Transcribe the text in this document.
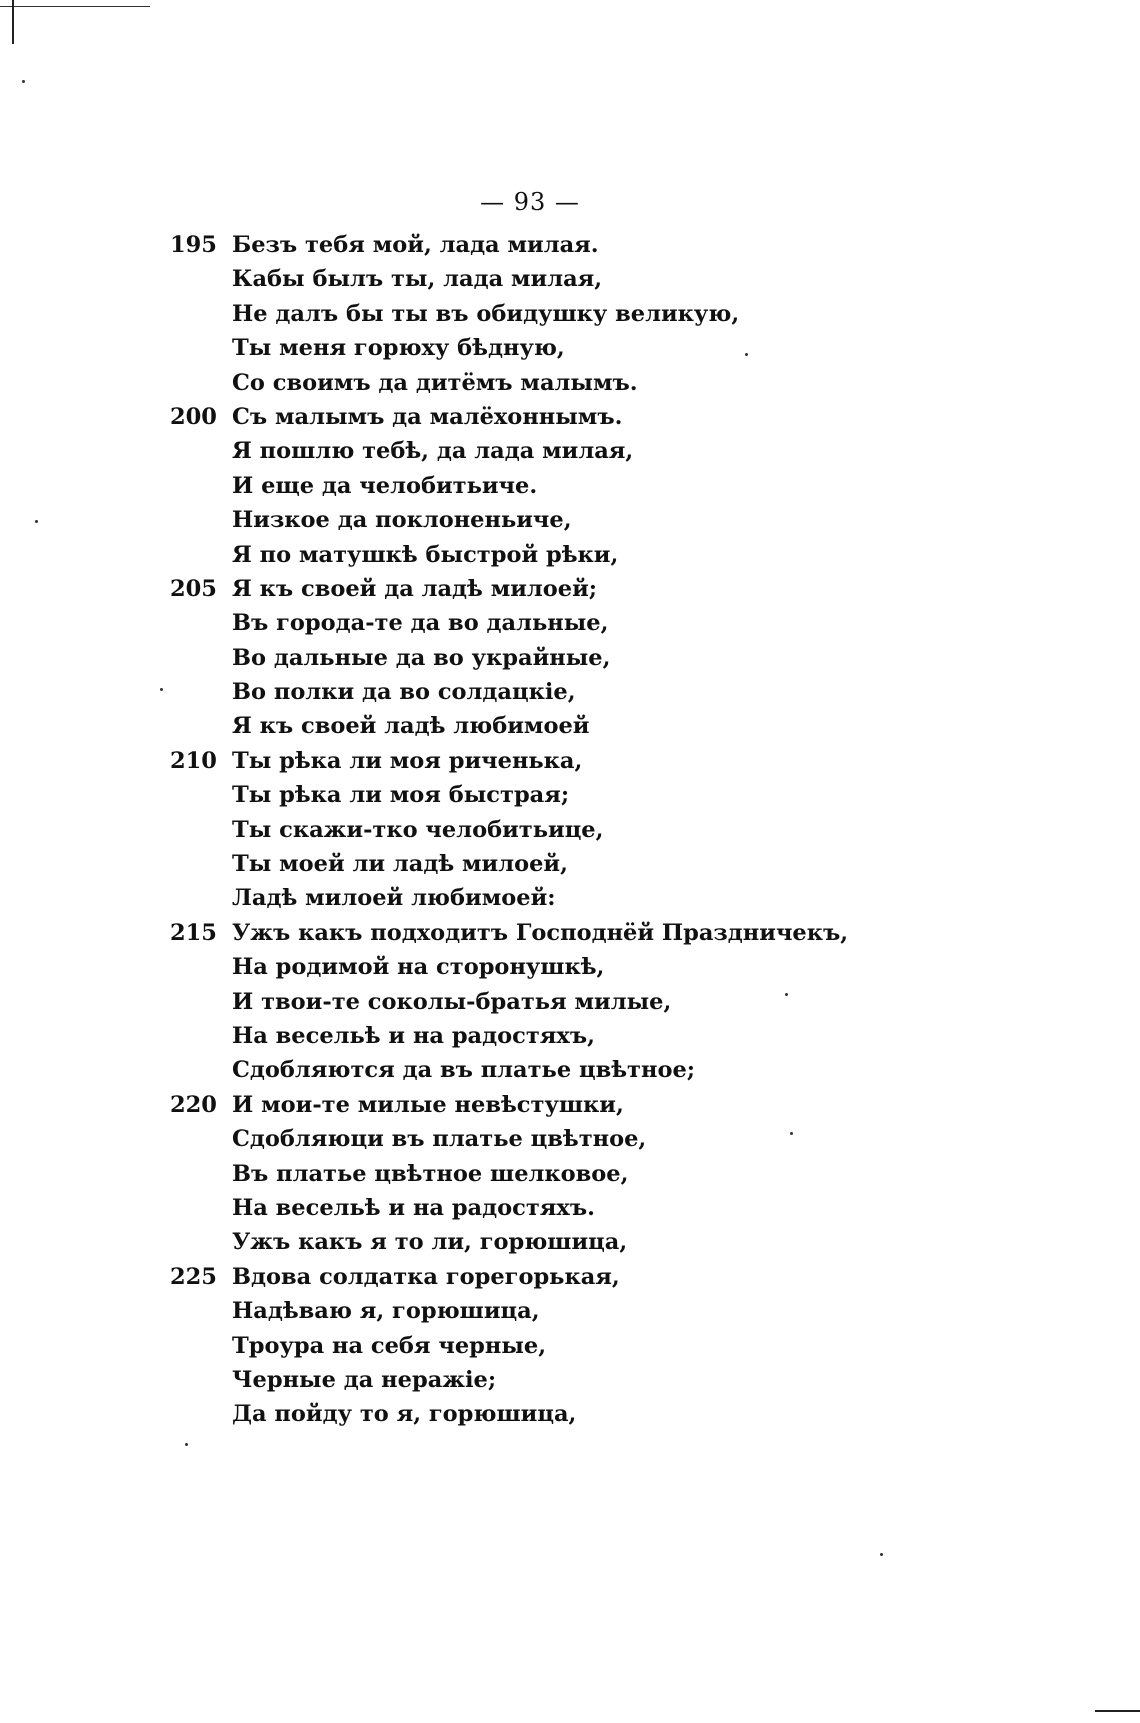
— 93 —
195 Безъ тебя мой, лада милая.
Кабы былъ ты, лада милая,
Не далъ бы ты въ обидушку великую,
Ты меня горюху бѣдную,
Со своимъ да дитёмъ малымъ.
200 Съ малымъ да малёхоннымъ.
Я пошлю тебѣ, да лада милая,
И еще да челобитьиче.
Низкое да поклоненьиче,
Я по матушкѣ быстрой рѣки,
205 Я къ своей да ладѣ милоей;
Въ города-те да во дальные,
Во дальные да во украйные,
Во полки да во солдацкіе,
Я къ своей ладѣ любимоей
210 Ты рѣка ли моя риченька,
Ты рѣка ли моя быстрая;
Ты скажи-тко челобитьице,
Ты моей ли ладѣ милоей,
Ладѣ милоей любимоей:
215 Ужъ какъ подходитъ Господнёй Праздничекъ,
На родимой на сторонушкѣ,
И твои-те соколы-братья милые,
На весельѣ и на радостяхъ,
Сдобляются да въ платье цвѣтное;
220 И мои-те милые невѣстушки,
Сдобляюци въ платье цвѣтное,
Въ платье цвѣтное шелковое,
На весельѣ и на радостяхъ.
Ужъ какъ я то ли, горюшица,
225 Вдова солдатка горегорькая,
Надѣваю я, горюшица,
Троура на себя черные,
Черные да неражіе;
Да пойду то я, горюшица,
